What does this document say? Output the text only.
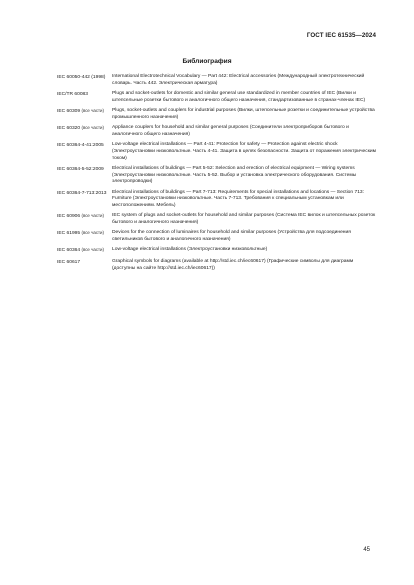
ГОСТ IEC 61535—2024
Библиография
IEC 60050-442 (1998)	International Electrotechnical Vocabulary — Part 442: Electrical accessories (Международный электротехнический словарь. Часть 442. Электрическая арматура)
IEC/TR 60083	Plugs and socket-outlets for domestic and similar general use standardized in member countries of IEC (Вилки и штепсельные розетки бытового и аналогичного общего назначения, стандартизованные в странах-членах IEC)
IEC 60309 (все части)	Plugs, socket-outlets and couplers for industrial purposes (Вилки, штепсельные розетки и соединительные устройства промышленного назначения)
IEC 60320 (все части)	Appliance couplers for household and similar general purposes (Соединители электроприборов бытового и аналогичного общего назначения)
IEC 60364-4-41:2005	Low-voltage electrical installations — Part 4-41: Protection for safety — Protection against electric shock (Электроустановки низковольтные. Часть 4-41. Защита в целях безопасности. Защита от поражения электрическим током)
IEC 60364-5-52:2009	Electrical installations of buildings — Part 5-52: Selection and erection of electrical equipment — Wiring systems (Электроустановки низковольтные. Часть 5-52. Выбор и установка электрического оборудования. Системы электропроводки)
IEC 60364-7-713:2013	Electrical installations of buildings — Part 7-713: Requirements for special installations and locations — Section 713: Furniture (Электроустановки низковольтные. Часть 7-713. Требования к специальным установкам или местоположениям. Мебель)
IEC 60906 (все части)	IEC system of plugs and socket-outlets for household and similar purposes (Система IEC вилок и штепсельных розеток бытового и аналогичного назначения)
IEC 61995 (все части)	Devices for the connection of luminaires for household and similar purposes (Устройства для подсоединения светильников бытового и аналогичного назначения)
IEC 60364 (все части)	Low-voltage electrical installations (Электроустановки низковольтные)
IEC 60617	Graphical symbols for diagrams (available at http://std.iec.ch/iec60617) (Графические символы для диаграмм (доступны на сайте http://std.iec.ch/iec60617))
45
